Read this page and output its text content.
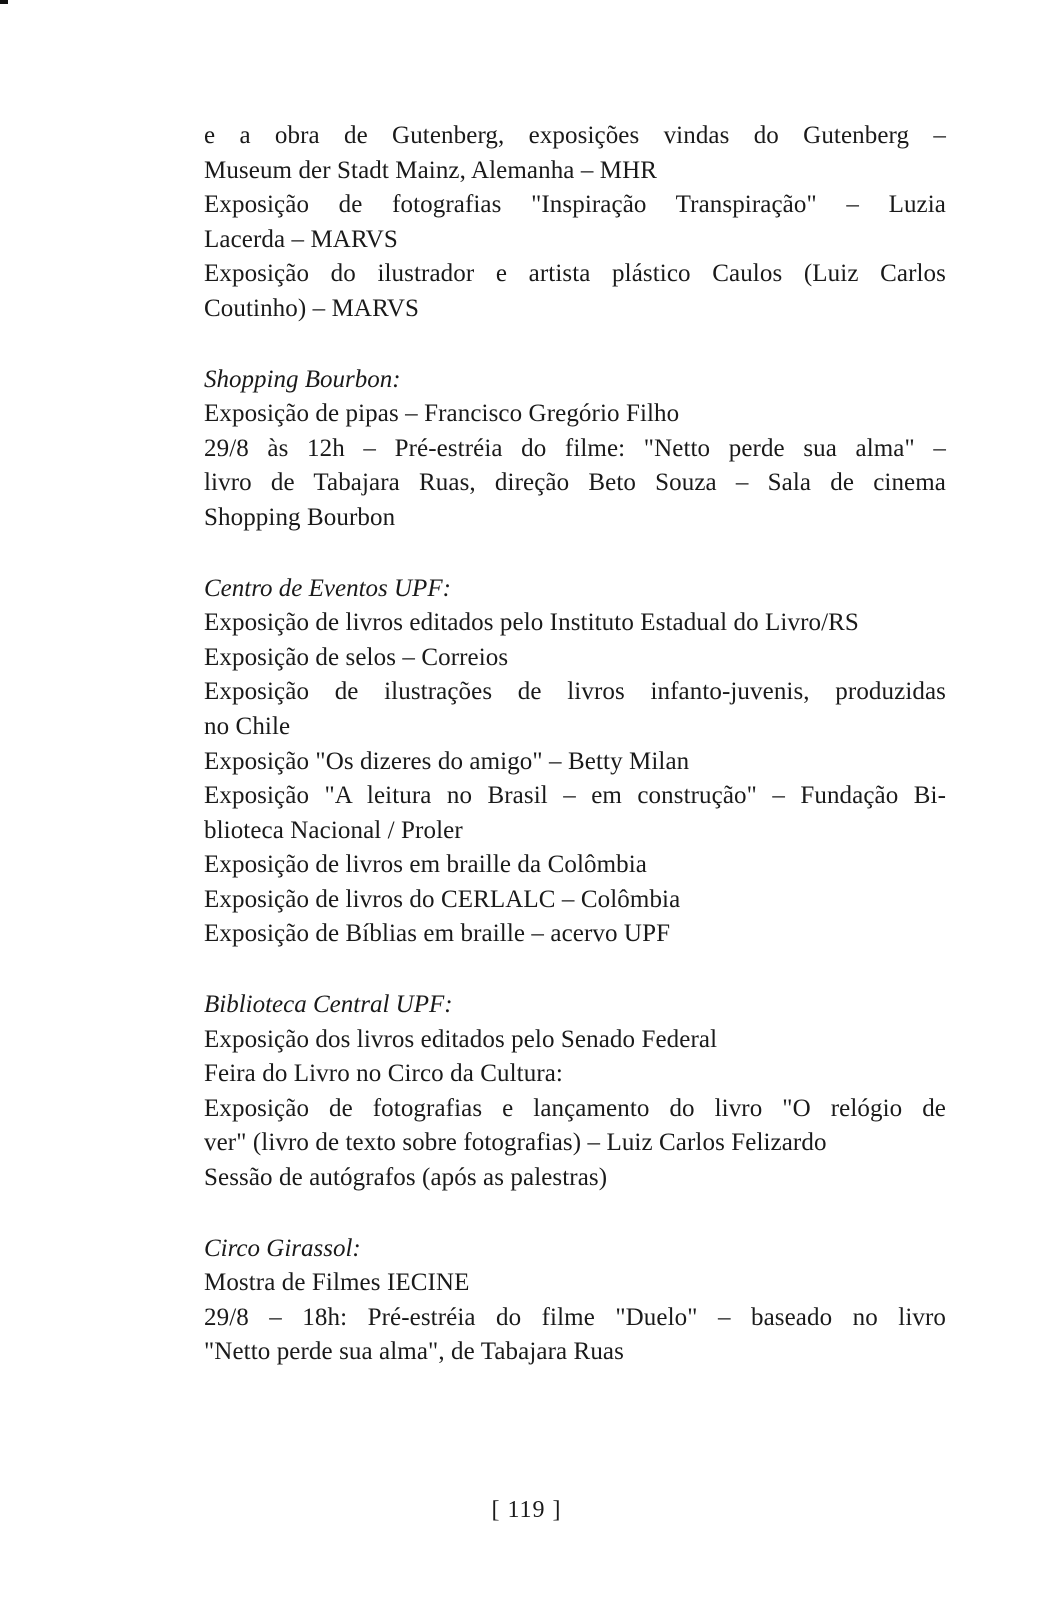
e a obra de Gutenberg, exposições vindas do Gutenberg –
Museum der Stadt Mainz, Alemanha – MHR
Exposição de fotografias "Inspiração Transpiração" – Luzia
Lacerda – MARVS
Exposição do ilustrador e artista plástico Caulos (Luiz Carlos
Coutinho) – MARVS
Shopping Bourbon:
Exposição de pipas – Francisco Gregório Filho
29/8 às 12h – Pré-estréia do filme: "Netto perde sua alma" –
livro de Tabajara Ruas, direção Beto Souza – Sala de cinema
Shopping Bourbon
Centro de Eventos UPF:
Exposição de livros editados pelo Instituto Estadual do Livro/RS
Exposição de selos – Correios
Exposição de ilustrações de livros infanto-juvenis, produzidas
no Chile
Exposição "Os dizeres do amigo" – Betty Milan
Exposição "A leitura no Brasil – em construção" – Fundação Bi-
blioteca Nacional / Proler
Exposição de livros em braille da Colômbia
Exposição de livros do CERLALC – Colômbia
Exposição de Bíblias em braille – acervo UPF
Biblioteca Central UPF:
Exposição dos livros editados pelo Senado Federal
Feira do Livro no Circo da Cultura:
Exposição de fotografias e lançamento do livro "O relógio de
ver" (livro de texto sobre fotografias) – Luiz Carlos Felizardo
Sessão de autógrafos (após as palestras)
Circo Girassol:
Mostra de Filmes IECINE
29/8 – 18h: Pré-estréia do filme "Duelo" – baseado no livro
"Netto perde sua alma", de Tabajara Ruas
[ 119 ]
